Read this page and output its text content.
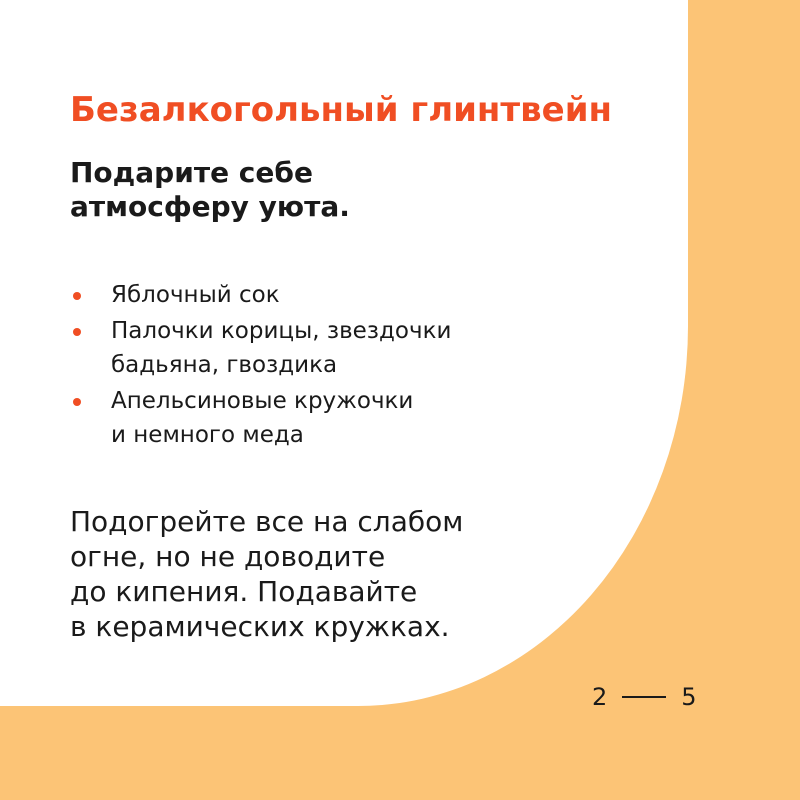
Безалкогольный глинтвейн

Подарите себе
атмосферу уюта.

Яблочный сок
Палочки корицы, звездочки
бадьяна, гвоздика
Апельсиновые кружочки
и немного меда

Подогрейте все на слабом
огне, но не доводите
до кипения. Подавайте
в керамических кружках.

2	5
